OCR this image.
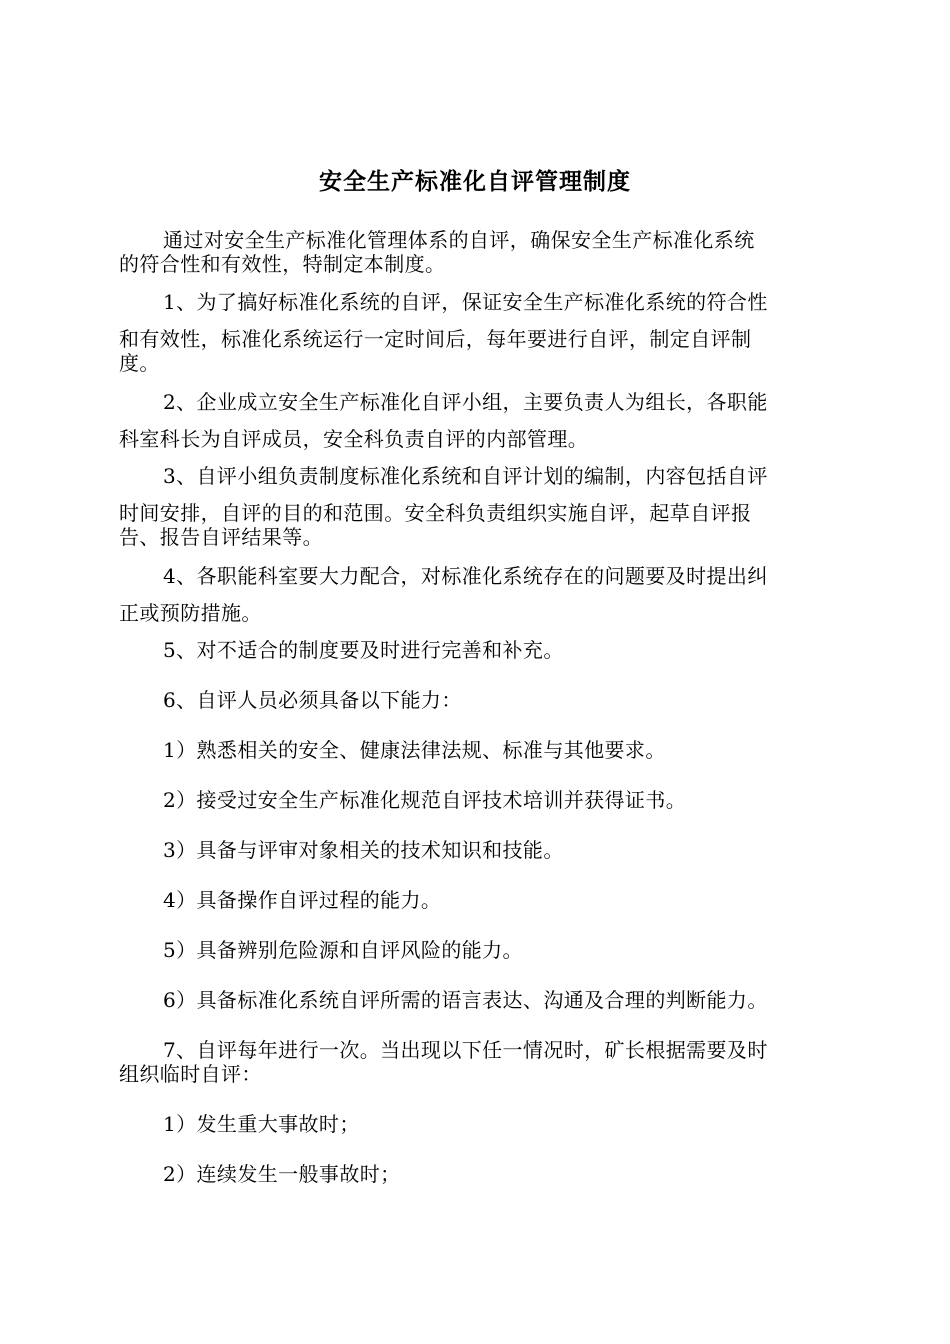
安全生产标准化自评管理制度
通过对安全生产标准化管理体系的自评，确保安全生产标准化系统
的符合性和有效性，特制定本制度。
1、为了搞好标准化系统的自评，保证安全生产标准化系统的符合性
和有效性，标准化系统运行一定时间后，每年要进行自评，制定自评制
度。
2、企业成立安全生产标准化自评小组，主要负责人为组长，各职能
科室科长为自评成员，安全科负责自评的内部管理。
3、自评小组负责制度标准化系统和自评计划的编制，内容包括自评
时间安排，自评的目的和范围。安全科负责组织实施自评，起草自评报
告、报告自评结果等。
4、各职能科室要大力配合，对标准化系统存在的问题要及时提出纠
正或预防措施。
5、对不适合的制度要及时进行完善和补充。
6、自评人员必须具备以下能力：
1）熟悉相关的安全、健康法律法规、标准与其他要求。
2）接受过安全生产标准化规范自评技术培训并获得证书。
3）具备与评审对象相关的技术知识和技能。
4）具备操作自评过程的能力。
5）具备辨别危险源和自评风险的能力。
6）具备标准化系统自评所需的语言表达、沟通及合理的判断能力。
7、自评每年进行一次。当出现以下任一情况时，矿长根据需要及时
组织临时自评：
1）发生重大事故时；
2）连续发生一般事故时；
